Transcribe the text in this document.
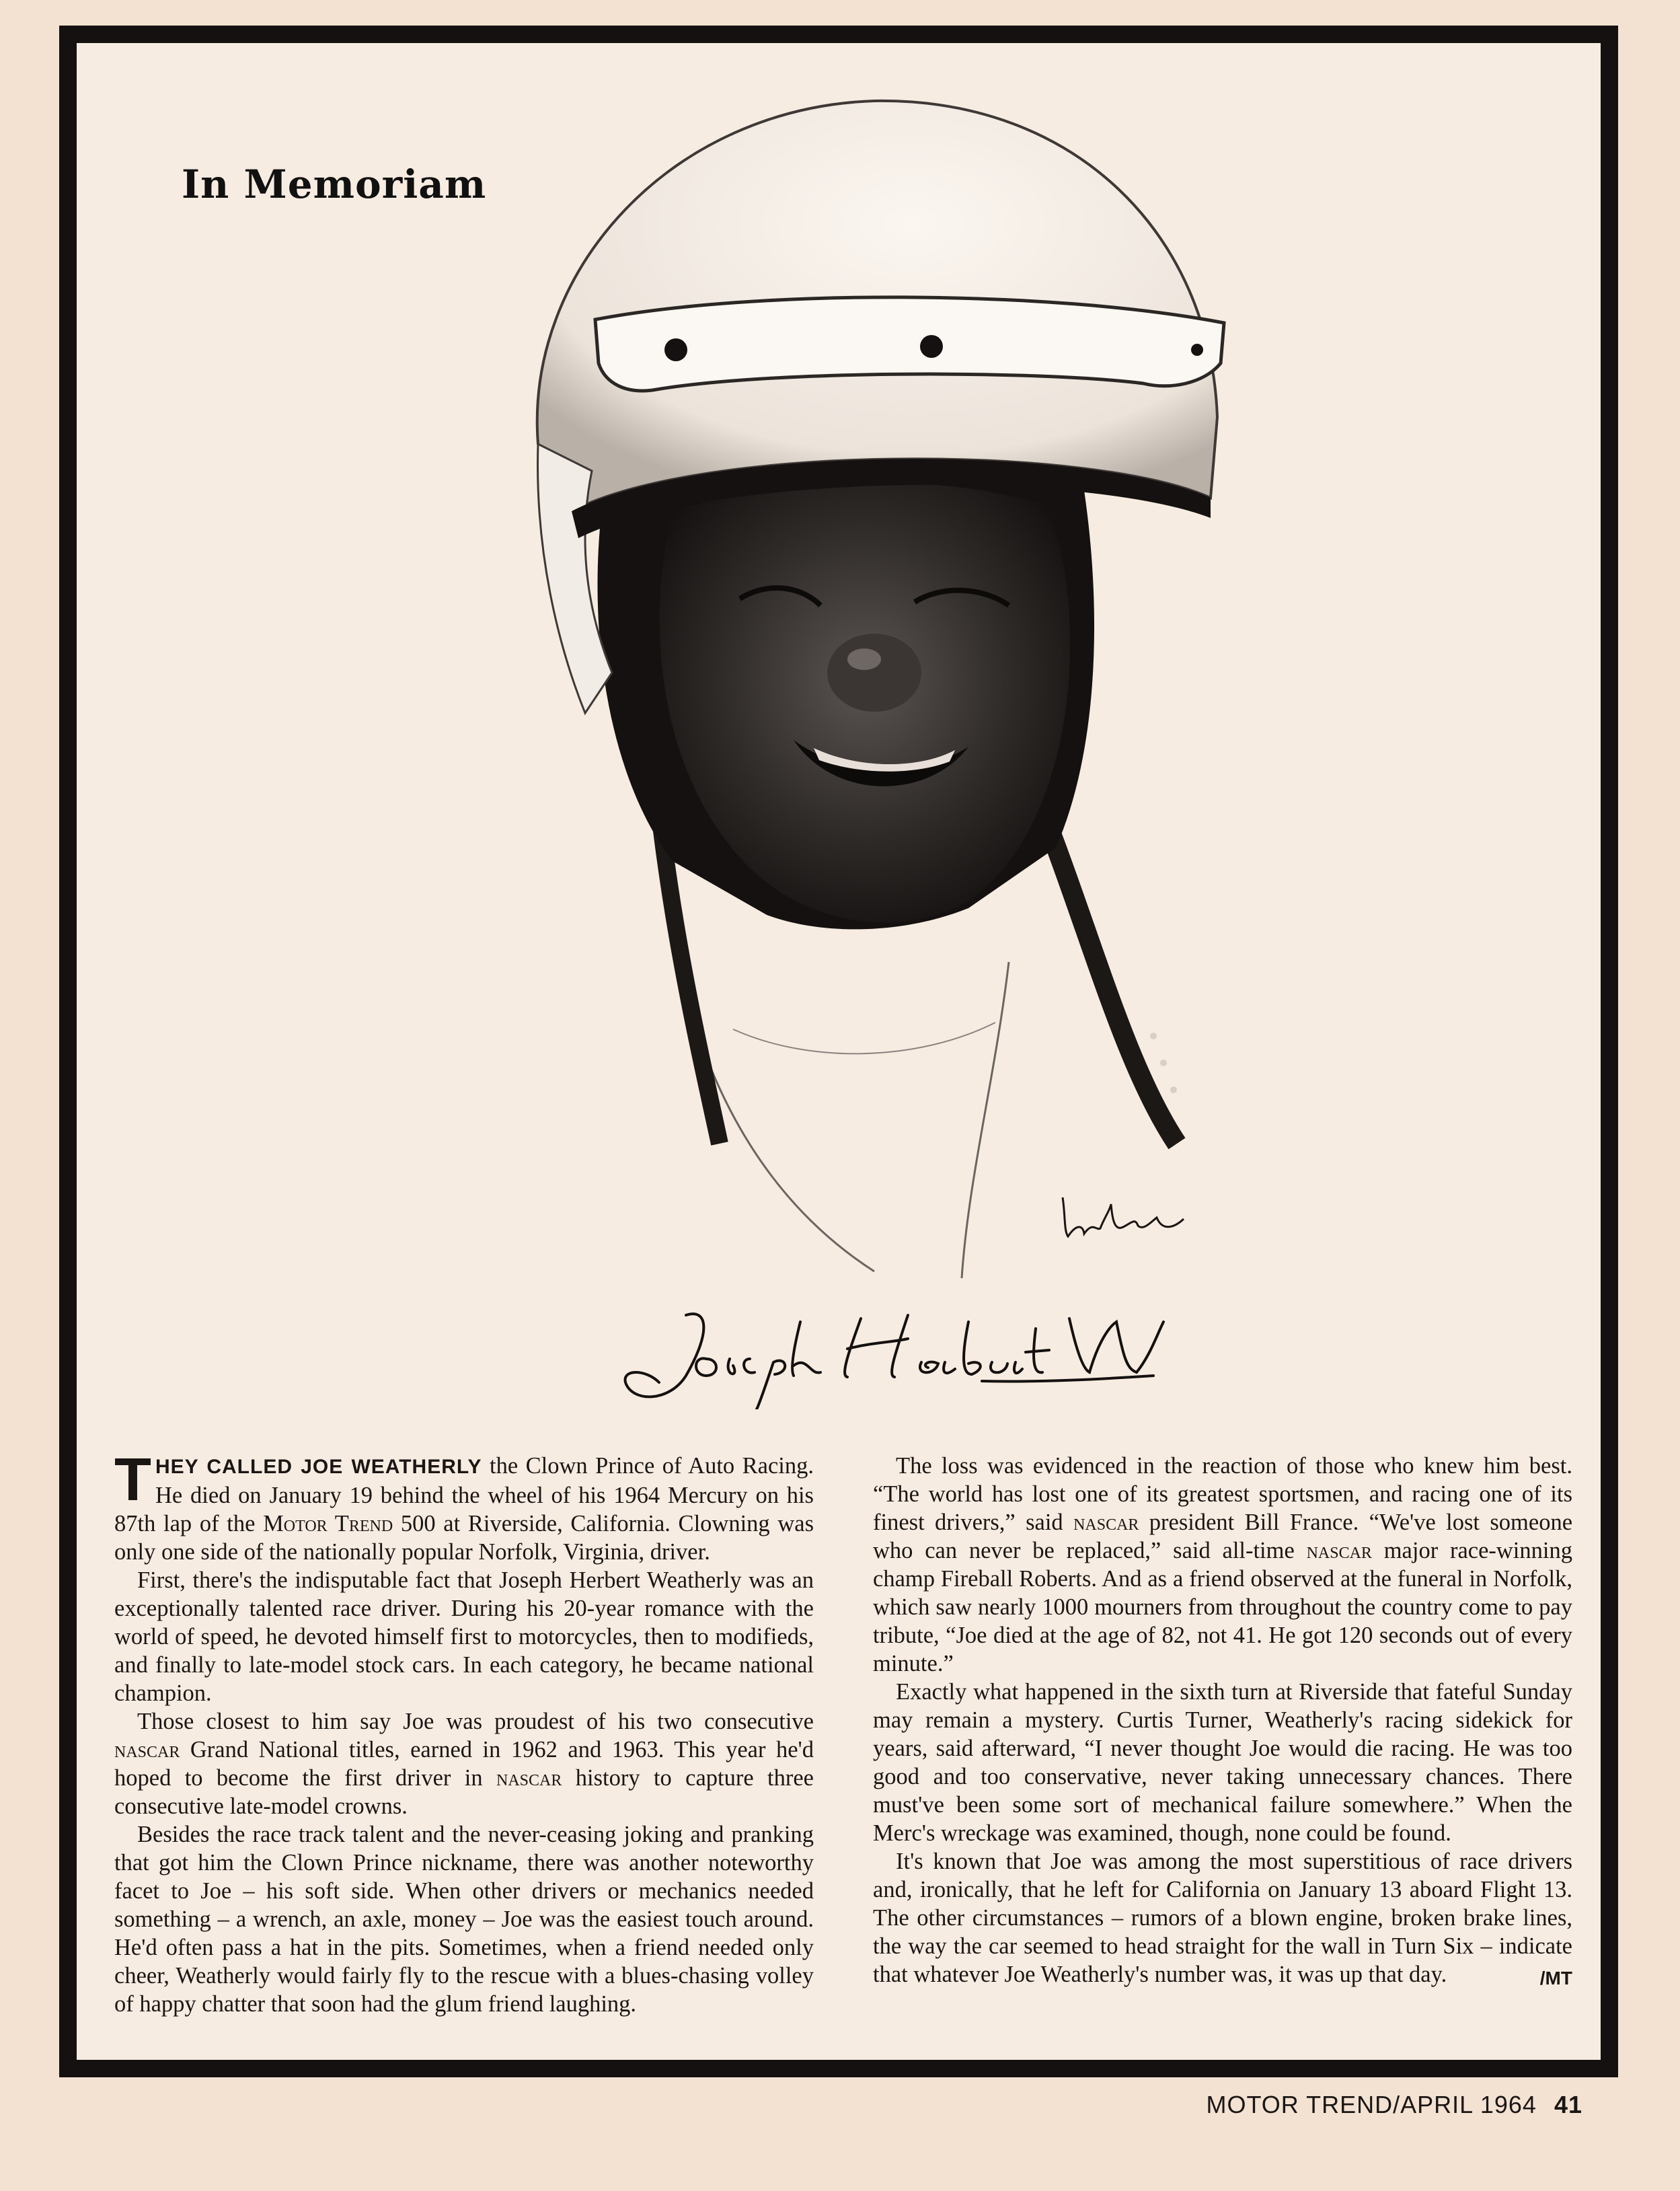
In Memoriam

THEY CALLED JOE WEATHERLY the Clown Prince of Auto Racing. He died on January 19 behind the wheel of his 1964 Mercury on his 87th lap of the Motor Trend 500 at Riverside, California. Clowning was only one side of the nationally popular Norfolk, Virginia, driver.

First, there's the indisputable fact that Joseph Herbert Weatherly was an exceptionally talented race driver. During his 20-year romance with the world of speed, he devoted himself first to motorcycles, then to modifieds, and finally to late-model stock cars. In each category, he became national champion.

Those closest to him say Joe was proudest of his two consecutive nascar Grand National titles, earned in 1962 and 1963. This year he'd hoped to become the first driver in nascar history to capture three consecutive late-model crowns.

Besides the race track talent and the never-ceasing joking and pranking that got him the Clown Prince nickname, there was another noteworthy facet to Joe – his soft side. When other drivers or mechanics needed something – a wrench, an axle, money – Joe was the easiest touch around. He'd often pass a hat in the pits. Sometimes, when a friend needed only cheer, Weatherly would fairly fly to the rescue with a blues-chasing volley of happy chatter that soon had the glum friend laughing.

The loss was evidenced in the reaction of those who knew him best. “The world has lost one of its greatest sportsmen, and racing one of its finest drivers,” said nascar president Bill France. “We've lost someone who can never be replaced,” said all-time nascar major race-winning champ Fireball Roberts. And as a friend observed at the funeral in Norfolk, which saw nearly 1000 mourners from throughout the country come to pay tribute, “Joe died at the age of 82, not 41. He got 120 seconds out of every minute.”

Exactly what happened in the sixth turn at Riverside that fateful Sunday may remain a mystery. Curtis Turner, Weatherly's racing sidekick for years, said afterward, “I never thought Joe would die racing. He was too good and too conservative, never taking unnecessary chances. There must've been some sort of mechanical failure somewhere.” When the Merc's wreckage was examined, though, none could be found.

It's known that Joe was among the most superstitious of race drivers and, ironically, that he left for California on January 13 aboard Flight 13. The other circumstances – rumors of a blown engine, broken brake lines, the way the car seemed to head straight for the wall in Turn Six – indicate that whatever Joe Weatherly's number was, it was up that day.	/MT

MOTOR TREND/APRIL 1964 41
